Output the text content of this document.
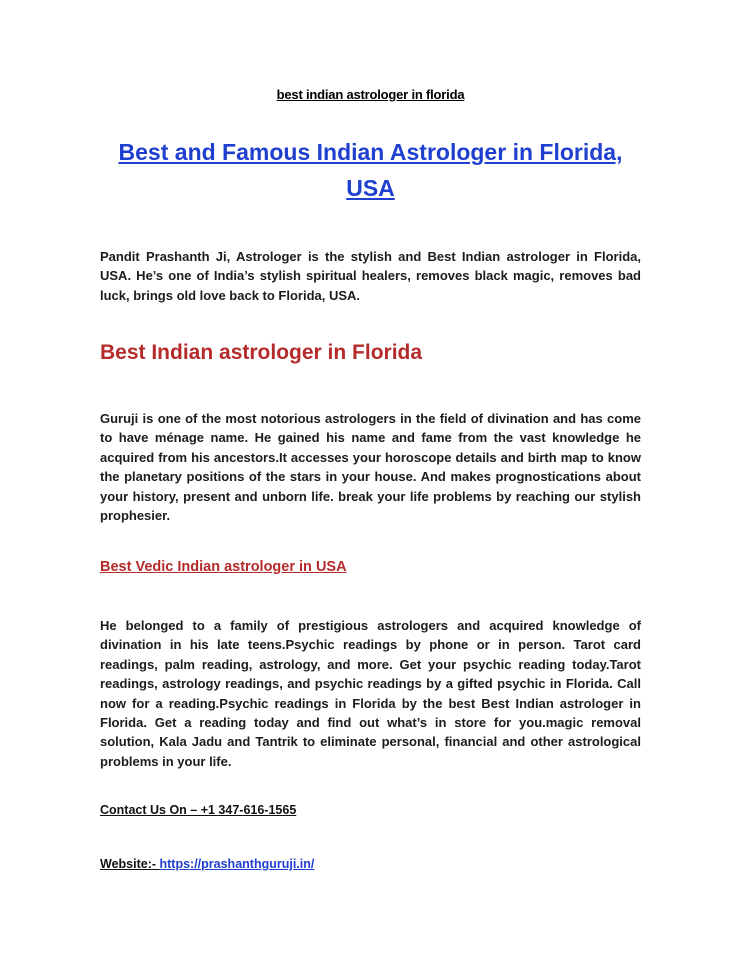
best indian astrologer in florida
Best and Famous Indian Astrologer in Florida, USA

Pandit Prashanth Ji, Astrologer is the stylish and Best Indian astrologer in Florida, USA. He’s one of India’s stylish spiritual healers, removes black magic, removes bad luck, brings old love back to Florida, USA.

Best Indian astrologer in Florida

Guruji is one of the most notorious astrologers in the field of divination and has come to have ménage name. He gained his name and fame from the vast knowledge he acquired from his ancestors.It accesses your horoscope details and birth map to know the planetary positions of the stars in your house. And makes prognostications about your history, present and unborn life. break your life problems by reaching our stylish prophesier.

Best Vedic Indian astrologer in USA

He belonged to a family of prestigious astrologers and acquired knowledge of divination in his late teens.Psychic readings by phone or in person. Tarot card readings, palm reading, astrology, and more. Get your psychic reading today.Tarot readings, astrology readings, and psychic readings by a gifted psychic in Florida. Call now for a reading.Psychic readings in Florida by the best Best Indian astrologer in Florida. Get a reading today and find out what’s in store for you.magic removal solution, Kala Jadu and Tantrik to eliminate personal, financial and other astrological problems in your life.

Contact Us On – +1 347-616-1565
Website:- https://prashanthguruji.in/
